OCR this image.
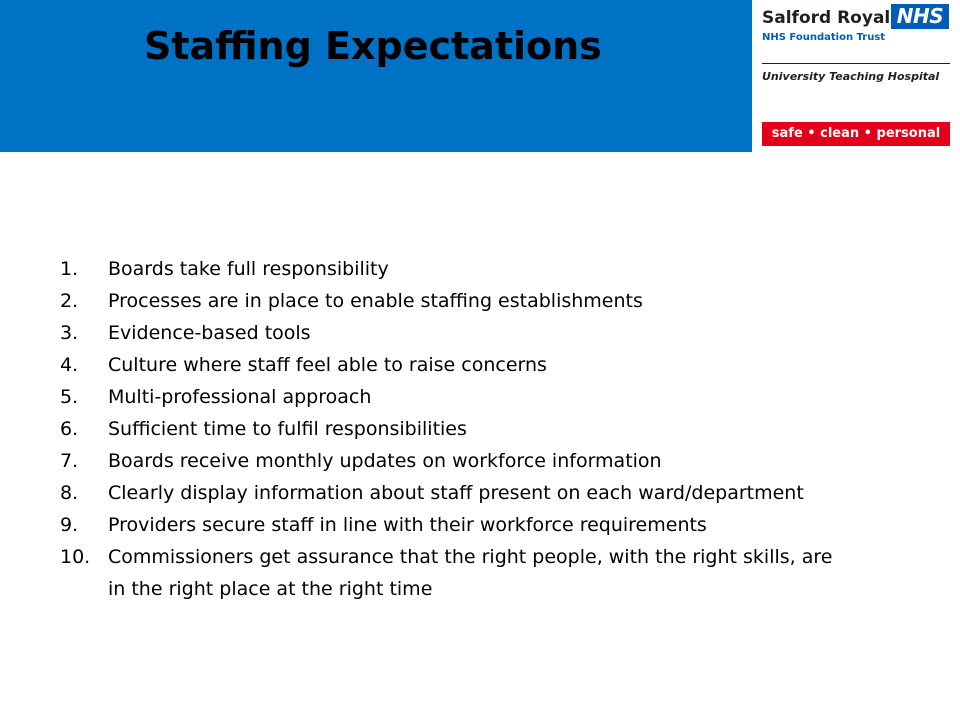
Staffing Expectations
Salford Royal NHS
NHS Foundation Trust
University Teaching Hospital
safe • clean • personal
1.	Boards take full responsibility
2.	Processes are in place to enable staffing establishments
3.	Evidence-based tools
4.	Culture where staff feel able to raise concerns
5.	Multi-professional approach
6.	Sufficient time to fulfil responsibilities
7.	Boards receive monthly updates on workforce information
8.	Clearly display information about staff present on each ward/department
9.	Providers secure staff in line with their workforce requirements
10. Commissioners get assurance that the right people, with the right skills, are in the right place at the right time
